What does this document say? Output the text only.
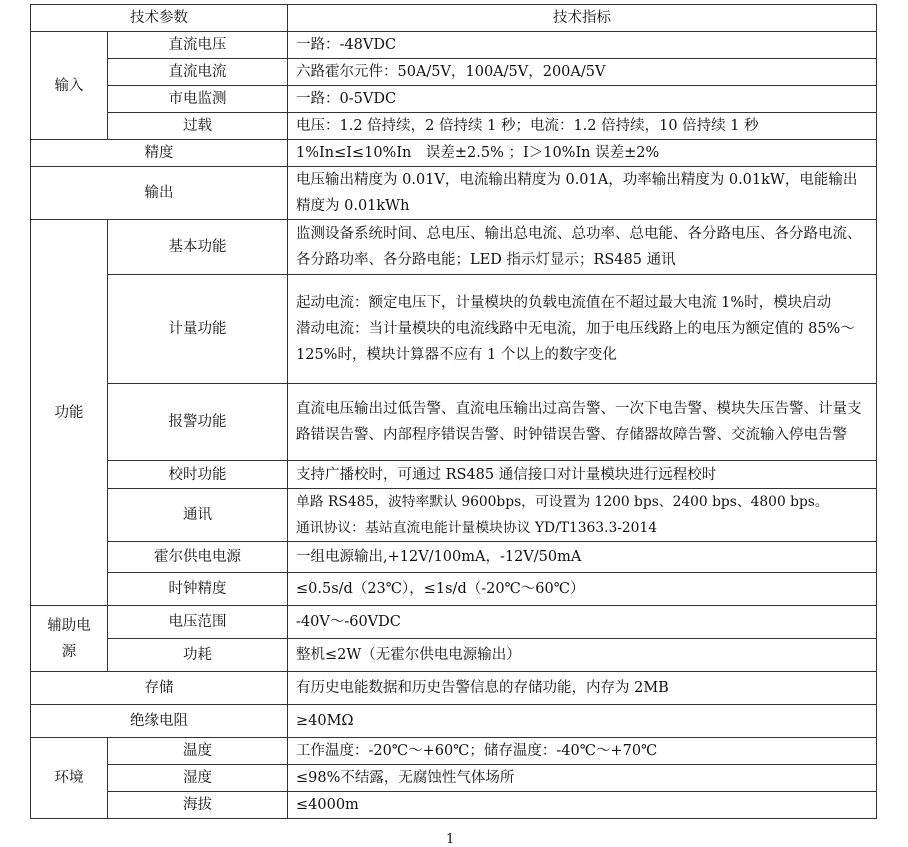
技术参数		技术指标
输入	直流电压	一路：-48VDC
	直流电流	六路霍尔元件：50A/5V，100A/5V，200A/5V
	市电监测	一路：0-5VDC
	过载	电压：1.2 倍持续，2 倍持续 1 秒；电流：1.2 倍持续，10 倍持续 1 秒
精度		1%In≤I≤10%In　误差±2.5% ；I＞10%In 误差±2%
输出		电压输出精度为 0.01V，电流输出精度为 0.01A，功率输出精度为 0.01kW，电能输出精度为 0.01kWh
功能	基本功能	监测设备系统时间、总电压、输出总电流、总功率、总电能、各分路电压、各分路电流、各分路功率、各分路电能；LED 指示灯显示；RS485 通讯
	计量功能	起动电流：额定电压下，计量模块的负载电流值在不超过最大电流 1%时，模块启动
潜动电流：当计量模块的电流线路中无电流，加于电压线路上的电压为额定值的 85%～125%时，模块计算器不应有 1 个以上的数字变化

	报警功能	直流电压输出过低告警、直流电压输出过高告警、一次下电告警、模块失压告警、计量支路错误告警、内部程序错误告警、时钟错误告警、存储器故障告警、交流输入停电告警
	校时功能	支持广播校时，可通过 RS485 通信接口对计量模块进行远程校时
	通讯	单路 RS485，波特率默认 9600bps，可设置为 1200 bps、2400 bps、4800 bps。
通讯协议：基站直流电能计量模块协议 YD/T1363.3-2014

	霍尔供电电源	一组电源输出,+12V/100mA，-12V/50mA
	时钟精度	≤0.5s/d（23℃），≤1s/d（-20℃～60℃）
辅助电源	电压范围	-40V～-60VDC
	功耗	整机≤2W（无霍尔供电电源输出）
存储		有历史电能数据和历史告警信息的存储功能，内存为 2MB
绝缘电阻		≥40MΩ
环境	温度	工作温度：-20℃～+60℃；储存温度：-40℃～+70℃
	湿度	≤98%不结露，无腐蚀性气体场所
	海拔	≤4000m
1
